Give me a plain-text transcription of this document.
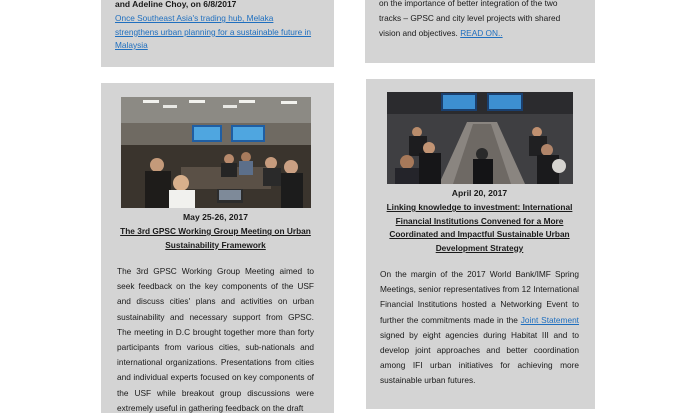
and Adeline Choy, on 6/8/2017

Once Southeast Asia's trading hub, Melaka
strengthens urban planning for a sustainable future in
Malaysia

on the importance of better integration of the two
tracks – GPSC and city level projects with shared
vision and objectives. READ ON..

May 25-26, 2017

The 3rd GPSC Working Group Meeting on Urban
Sustainability Framework

The 3rd GPSC Working Group Meeting aimed to seek feedback on the key components of the USF and discuss cities' plans and activities on urban sustainability and necessary support from GPSC. The meeting in D.C brought together more than forty participants from various cities, sub-nationals and international organizations. Presentations from cities and individual experts focused on key components of the USF while breakout group discussions were extremely useful in gathering feedback on the draft

April 20, 2017

Linking knowledge to investment: International
Financial Institutions Convened for a More
Coordinated and Impactful Sustainable Urban
Development Strategy

On the margin of the 2017 World Bank/IMF Spring Meetings, senior representatives from 12 International Financial Institutions hosted a Networking Event to further the commitments made in the Joint Statement signed by eight agencies during Habitat III and to develop joint approaches and better coordination among IFI urban initiatives for achieving more sustainable urban futures.
